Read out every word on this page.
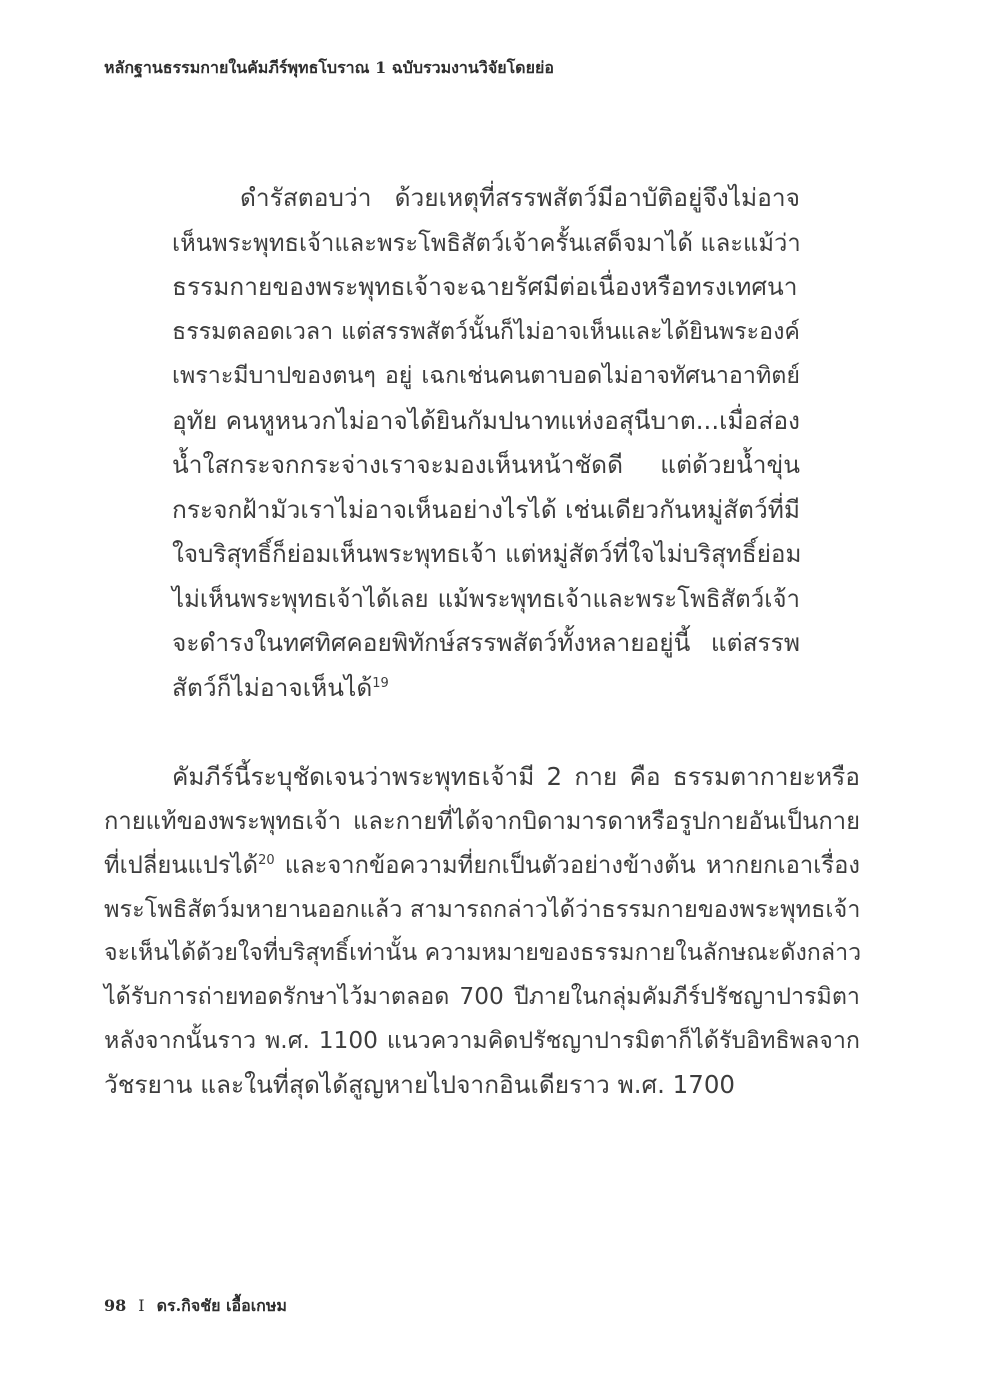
หลักฐานธรรมกายในคัมภีร์พุทธโบราณ 1 ฉบับรวมงานวิจัยโดยย่อ
ดำรัสตอบว่า ด้วยเหตุที่สรรพสัตว์มีอาบัติอยู่จึงไม่อาจ
เห็นพระพุทธเจ้าและพระโพธิสัตว์เจ้าครั้นเสด็จมาได้ และแม้ว่า
ธรรมกายของพระพุทธเจ้าจะฉายรัศมีต่อเนื่องหรือทรงเทศนา
ธรรมตลอดเวลา แต่สรรพสัตว์นั้นก็ไม่อาจเห็นและได้ยินพระองค์
เพราะมีบาปของตนๆ อยู่ เฉกเช่นคนตาบอดไม่อาจทัศนาอาทิตย์
อุทัย คนหูหนวกไม่อาจได้ยินกัมปนาทแห่งอสุนีบาต...เมื่อส่อง
น้ำใสกระจกกระจ่างเราจะมองเห็นหน้าชัดดี แต่ด้วยน้ำขุ่น
กระจกฝ้ามัวเราไม่อาจเห็นอย่างไรได้ เช่นเดียวกันหมู่สัตว์ที่มี
ใจบริสุทธิ์ก็ย่อมเห็นพระพุทธเจ้า แต่หมู่สัตว์ที่ใจไม่บริสุทธิ์ย่อม
ไม่เห็นพระพุทธเจ้าได้เลย แม้พระพุทธเจ้าและพระโพธิสัตว์เจ้า
จะดำรงในทศทิศคอยพิทักษ์สรรพสัตว์ทั้งหลายอยู่นี้ แต่สรรพ
สัตว์ก็ไม่อาจเห็นได้$^{19}$
คัมภีร์นี้ระบุชัดเจนว่าพระพุทธเจ้ามี 2 กาย คือ ธรรมตากายะหรือ
กายแท้ของพระพุทธเจ้า และกายที่ได้จากบิดามารดาหรือรูปกายอันเป็นกาย
ที่เปลี่ยนแปรได้$^{20}$ และจากข้อความที่ยกเป็นตัวอย่างข้างต้น หากยกเอาเรื่อง
พระโพธิสัตว์มหายานออกแล้ว สามารถกล่าวได้ว่าธรรมกายของพระพุทธเจ้า
จะเห็นได้ด้วยใจที่บริสุทธิ์เท่านั้น ความหมายของธรรมกายในลักษณะดังกล่าว
ได้รับการถ่ายทอดรักษาไว้มาตลอด 700 ปีภายในกลุ่มคัมภีร์ปรัชญาปารมิตา
หลังจากนั้นราว พ.ศ. 1100 แนวความคิดปรัชญาปารมิตาก็ได้รับอิทธิพลจาก
วัชรยาน และในที่สุดได้สูญหายไปจากอินเดียราว พ.ศ. 1700
98 I ดร.กิจชัย เอื้อเกษม
